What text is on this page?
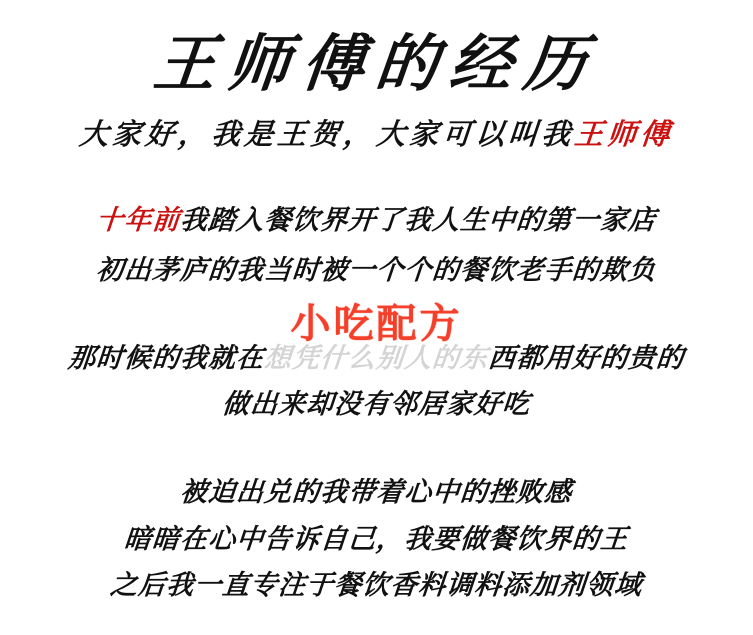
王师傅的经历
大家好，我是王贺，大家可以叫我王师傅
十年前我踏入餐饮界开了我人生中的第一家店
初出茅庐的我当时被一个个的餐饮老手的欺负
小吃配方
那时候的我就在想凭什么别人的东西都用好的贵的
做出来却没有邻居家好吃
被迫出兑的我带着心中的挫败感
暗暗在心中告诉自己，我要做餐饮界的王
之后我一直专注于餐饮香料调料添加剂领域
